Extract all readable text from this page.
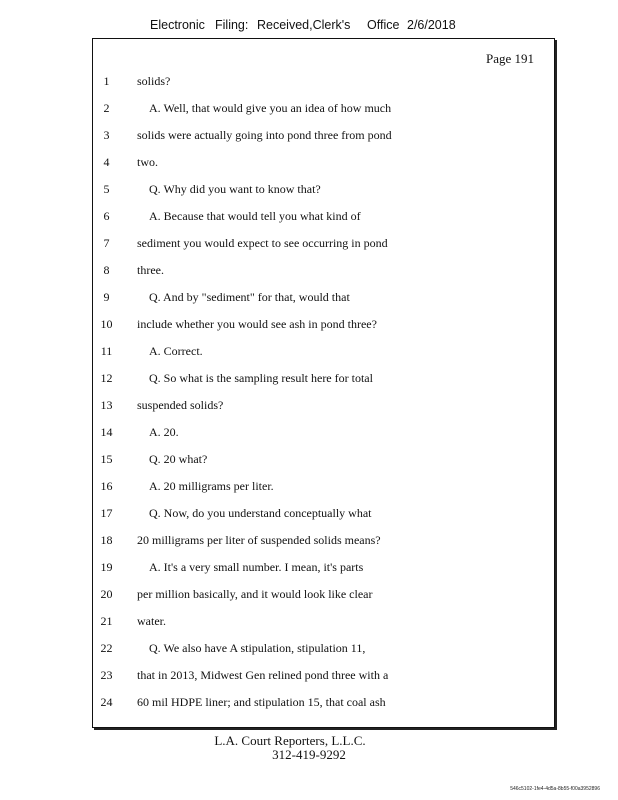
Electronic Filing: Received,Clerk's Office 2/6/2018
Page 191
1	solids?
2	A. Well, that would give you an idea of how much
3	solids were actually going into pond three from pond
4	two.
5	Q. Why did you want to know that?
6	A. Because that would tell you what kind of
7	sediment you would expect to see occurring in pond
8	three.
9	Q. And by "sediment" for that, would that
10	include whether you would see ash in pond three?
11	A. Correct.
12	Q. So what is the sampling result here for total
13	suspended solids?
14	A. 20.
15	Q. 20 what?
16	A. 20 milligrams per liter.
17	Q. Now, do you understand conceptually what
18	20 milligrams per liter of suspended solids means?
19	A. It's a very small number. I mean, it's parts
20	per million basically, and it would look like clear
21	water.
22	Q. We also have A stipulation, stipulation 11,
23	that in 2013, Midwest Gen relined pond three with a
24	60 mil HDPE liner; and stipulation 15, that coal ash
L.A. Court Reporters, L.L.C.
312-419-9292
546c5102-1fe4-4d5a-8b55-f00a3952896
